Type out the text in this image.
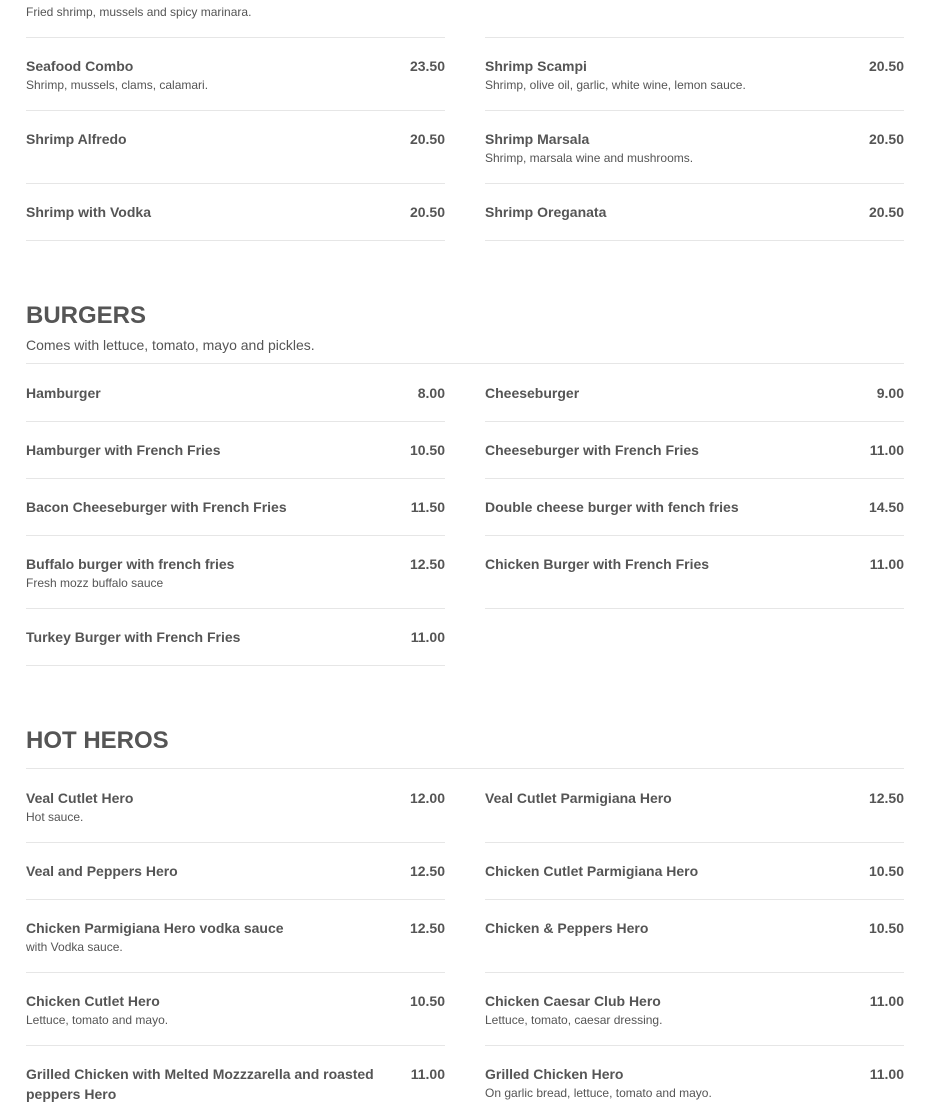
Fried shrimp, mussels and spicy marinara.
Seafood Combo	23.50
Shrimp, mussels, clams, calamari.
Shrimp Scampi	20.50
Shrimp, olive oil, garlic, white wine, lemon sauce.
Shrimp Alfredo	20.50	Shrimp Marsala	20.50
Shrimp, marsala wine and mushrooms.
Shrimp with Vodka	20.50	Shrimp Oreganata	20.50
BURGERS
Comes with lettuce, tomato, mayo and pickles.
Hamburger	8.00	Cheeseburger	9.00
Hamburger with French Fries	10.50	Cheeseburger with French Fries	11.00
Bacon Cheeseburger with French Fries	11.50	Double cheese burger with fench fries	14.50
Buffalo burger with french fries	12.50
Fresh mozz buffalo sauce
Chicken Burger with French Fries	11.00
Turkey Burger with French Fries	11.00
HOT HEROS
Veal Cutlet Hero	12.00
Hot sauce.
Veal Cutlet Parmigiana Hero	12.50
Veal and Peppers Hero	12.50	Chicken Cutlet Parmigiana Hero	10.50
Chicken Parmigiana Hero vodka sauce	12.50
with Vodka sauce.
Chicken & Peppers Hero	10.50
Chicken Cutlet Hero	10.50
Lettuce, tomato and mayo.
Chicken Caesar Club Hero	11.00
Lettuce, tomato, caesar dressing.
Grilled Chicken with Melted Mozzzarella and roasted peppers Hero
11.00	Grilled Chicken Hero	11.00
On garlic bread, lettuce, tomato and mayo.
